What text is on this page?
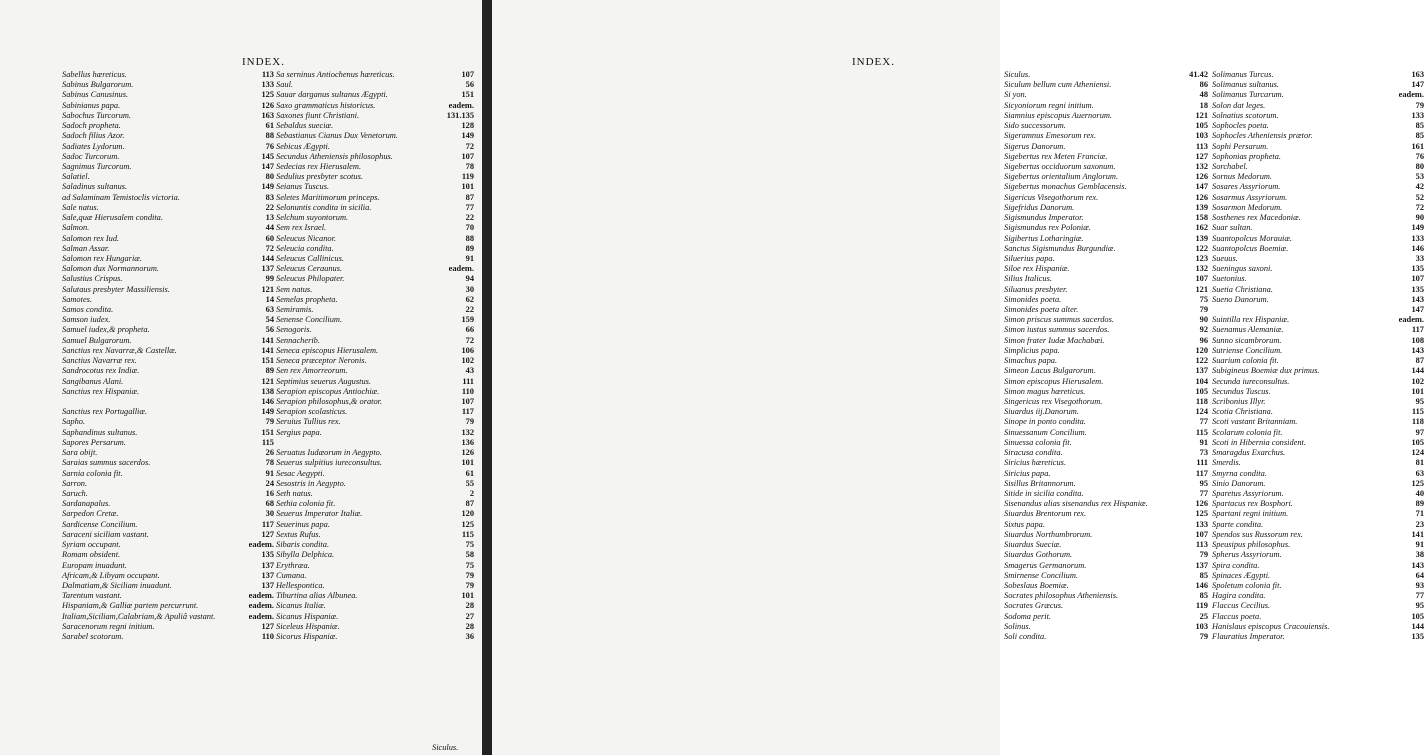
INDEX.
Sabellus hæreticus.	113
Sabinus Bulgarorum.	133
Sabinus Canusinus.	125
Sabinianus papa.	126
Sabochus Turcorum.	163
Sadoch propheta.	61
Sadoch filius Azor.	88
Sadiates Lydorum.	76
Sadoc Turcorum.	145
Sagnimus Turcorum.	147
Salatiel.	80
Saladinus sultanus.	149
ad Salaminam Temistoclis victoria.	83
Sale natus.	22
Sale,quæ Hierusalem condita.	13
Salmon.	44
Salomon rex Iud.	60
Salman Assar.	72
Salomon rex Hungariæ.	144
Salomon dux Normannorum.	137
Salustius Crispus.	99
Salutaus presbyter Massiliensis.	121
Samotes.	14
Samos condita.	63
Samson iudex.	54
Samuel iudex,& propheta.	56
Samuel Bulgarorum.	141
Sanctius rex Navarræ,& Castellæ.	141
Sanctius Navarræ rex.	151
Sandrocotus rex Indiæ.	89
Sangibanus Alani.	121
Sanctius rex Hispaniæ.	138
146
Sanctius rex Portugalliæ.	149
Sapho.	79
Saphandinus sultanus.	151
Sapores Persarum.	115
Sara obijt.	26
Saraias summus sacerdos.	78
Sarnia colonia fit.	91
Sarron.	24
Saruch.	16
Sardanapalus.	68
Sarpedon Cretæ.	30
Sardicense Concilium.	117
Saraceni siciliam vastant.	127
Syriam occupant.	eadem.
Romam obsident.	135
Europam inuadunt.	137
Africam,& Libyam occupant.	137
Dalmatiam,& Siciliam inuadunt.	137
Tarentum vastant.	eadem.
Hispaniam,& Galliæ partem percurrunt.	eadem.
Italiam,Siciliam,Calabriam,& Apuliâ vastant.	eadem.
Saracenorum regni initium.	127
Sarabel scotorum.	110
Sa serninus Antiochenus hæreticus.	107
Saul.	56
Sauar darganus sultanus Ægypti.	151
Saxo grammaticus historicus.	eadem.
Saxones fiunt Christiani.	131.135
Sebaldus sueciæ.	128
Sebastianus Cianus Dux Venetorum.	149
Sebicus Ægypti.	72
Secundus Atheniensis philosophus.	107
Sedecias rex Hierusalem.	78
Sedulius presbyter scotus.	119
Seianus Tuscus.	101
Seletes Maritimorum princeps.	87
Selonuntis condita in sicilia.	77
Selchum suyontorum.	22
Sem rex Israel.	70
Seleucus Nicanor.	88
Seleucia condita.	89
Seleucus Callinicus.	91
Seleucus Ceraunus.	eadem.
Seleucus Philopater.	94
Sem natus.	30
Semelas propheta.	62
Semiramis.	22
Senense Concilium.	159
Senogoris.	66
Sennacherib.	72
Seneca episcopus Hierusalem.	106
Seneca præceptor Neronis.	102
Sen rex Amorreorum.	43
Septimius seuerus Augustus.	111
Serapion episcopus Antiochiæ.	110
Serapion philosophus,& orator.	107
Serapion scolasticus.	117
Seruius Tullius rex.	79
Sergius papa.	132
136
Seruatus Iudæorum in Aegypto.	126
Seuerus sulpitius iureconsultus.	101
Sesac Aegypti.	61
Sesostris in Aegypto.	55
Seth natus.	2
Sethia colonia fit.	87
Seuerus Imperator Italiæ.	120
Seuerinus papa.	125
Sextus Rufus.	115
Sibaris condita.	75
Sibylla Delphica.	58
Erythræa.	75
Cumana.	79
Hellespontica.	79
Tiburtina alias Albunea.	101
Sicanus Italiæ.	28
Sicanus Hispaniæ.	27
Siceleus Hispaniæ.	28
Sicorus Hispaniæ.	36
Siculus.
INDEX.
Siculus.	41.42
Siculum bellum cum Atheniensi.	86
Si yon.	48
Sicyoniorum regni initium.	18
Siamnius episcopus Auernorum.	121
Sido successorum.	105
Sigeramnus Emesorum rex.	103
Sigerus Danorum.	113
Sigebertus rex Meten Franciæ.	127
Sigebertus occiduorum saxonum.	132
Sigebertus orientalium Anglorum.	126
Sigebertus monachus Gemblacensis.	147
Sigericus Visegothorum rex.	126
Sigefridus Danorum.	139
Sigismundus Imperator.	158
Sigismundus rex Poloniæ.	162
Sigibertus Lotharingiæ.	139
Sanctus Sigismundus Burgundiæ.	122
Siluerius papa.	123
Siloe rex Hispaniæ.	132
Silius Italicus.	107
Siluanus presbyter.	121
Simonides poeta.	75
Simonides poeta alter.	79
Simon priscus summus sacerdos.	90
Simon iustus summus sacerdos.	92
Simon frater Iudæ Machabæi.	96
Simplicius papa.	120
Simachus papa.	122
Simeon Lacus Bulgarorum.	137
Simon episcopus Hierusalem.	104
Simon magus hæreticus.	105
Singericus rex Visegothorum.	118
Siuardus iij.Danorum.	124
Sinope in ponto condita.	77
Sinuessanum Concilium.	115
Sinuessa colonia fit.	91
Siracusa condita.	73
Siricius hæreticus.	111
Siricius papa.	117
Sisillus Britannorum.	95
Sitide in sicilia condita.	77
Sisenandus alias sisenandus rex Hispaniæ.	126
Siuardus Brentorum rex.	125
Sixtus papa.	133
Siuardus Northumbrorum.	107
Siuardus Sueciæ.	113
Siuardus Gothorum.	79
Smagerus Germanorum.	137
Smirnense Concilium.	85
Sobeslaus Boemiæ.	146
Socrates philosophus Atheniensis.	85
Socrates Græcus.	119
Sodoma perit.	25
Solinus.	103
Soli condita.	79
Solimanus Turcus.	163
Solimanus sultanus.	147
Solimanus Turcarum.	eadem.
Solon dat leges.	79
Solnatius scotorum.	133
Sophocles poeta.	85
Sophocles Atheniensis prætor.	85
Sophi Persarum.	161
Sophonias propheta.	76
Sorchabel.	80
Sornus Medorum.	53
Sosares Assyriorum.	42
Sosarmus Assyriorum.	52
Sosarmon Medorum.	72
Sosthenes rex Macedoniæ.	90
Suar sultan.	149
Suantopolcus Morauiæ.	133
Suantopolcus Boemiæ.	146
Sueuus.	33
Sueningus saxoni.	135
Suetonius.	107
Suetia Christiana.	135
Sueno Danorum.	143
147
Suintilla rex Hispaniæ.	eadem.
Suenamus Alemaniæ.	117
Sunno sicambrorum.	108
Sutriense Concilium.	143
Suarium colonia fit.	87
Subigineus Boemiæ dux primus.	144
Secunda iureconsultus.	102
Secundus Tuscus.	101
Scribonius Illyr.	95
Scotia Christiana.	115
Scoti vastant Britanniam.	118
Scolarum colonia fit.	97
Scoti in Hibernia consident.	105
Smaragdus Exarchus.	124
Smerdis.	81
Smyrna condita.	63
Sinio Danorum.	125
Sparetus Assyriorum.	40
Spartacus rex Bosphori.	89
Spartani regni initium.	71
Sparte condita.	23
Spendos sus Russorum rex.	141
Speusipus philosophus.	91
Spherus Assyriorum.	38
Spira condita.	143
Spinaces Ægypti.	64
Spoletum colonia fit.	93
Hagira condita.	77
Flaccus Cecilius.	95
Flaccus poeta.	105
Hanislaus episcopus Cracouiensis.	144
Flauratius Imperator.	135
